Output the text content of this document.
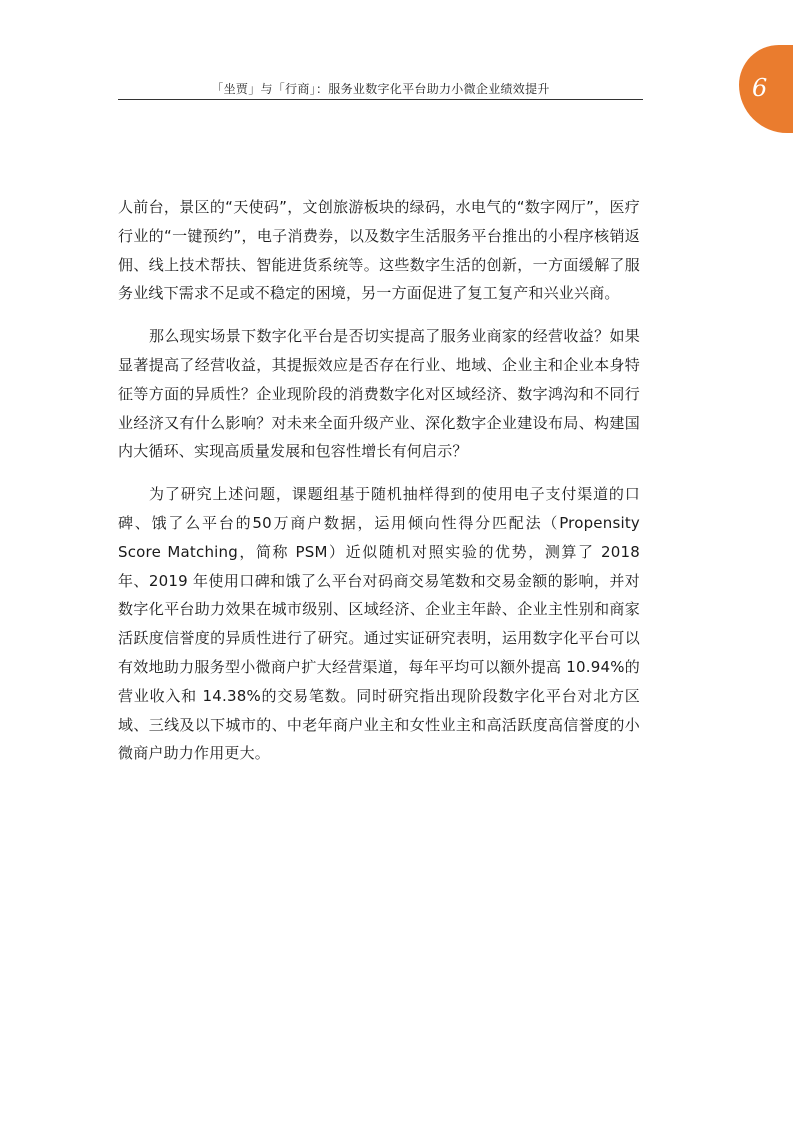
「坐贾」与「行商」：服务业数字化平台助力小微企业绩效提升	6

人前台，景区的“天使码”，文创旅游板块的绿码，水电气的“数字网厅”，医疗行业的“一键预约”，电子消费券，以及数字生活服务平台推出的小程序核销返佣、线上技术帮扶、智能进货系统等。这些数字生活的创新，一方面缓解了服务业线下需求不足或不稳定的困境，另一方面促进了复工复产和兴业兴商。

那么现实场景下数字化平台是否切实提高了服务业商家的经营收益？如果显著提高了经营收益，其提振效应是否存在行业、地域、企业主和企业本身特征等方面的异质性？企业现阶段的消费数字化对区域经济、数字鸿沟和不同行业经济又有什么影响？对未来全面升级产业、深化数字企业建设布局、构建国内大循环、实现高质量发展和包容性增长有何启示？

为了研究上述问题，课题组基于随机抽样得到的使用电子支付渠道的口碑、饿了么平台的50万商户数据，运用倾向性得分匹配法（Propensity Score Matching，简称 PSM）近似随机对照实验的优势，测算了 2018 年、2019 年使用口碑和饿了么平台对码商交易笔数和交易金额的影响，并对数字化平台助力效果在城市级别、区域经济、企业主年龄、企业主性别和商家活跃度信誉度的异质性进行了研究。通过实证研究表明，运用数字化平台可以有效地助力服务型小微商户扩大经营渠道，每年平均可以额外提高 10.94%的营业收入和 14.38%的交易笔数。同时研究指出现阶段数字化平台对北方区域、三线及以下城市的、中老年商户业主和女性业主和高活跃度高信誉度的小微商户助力作用更大。
